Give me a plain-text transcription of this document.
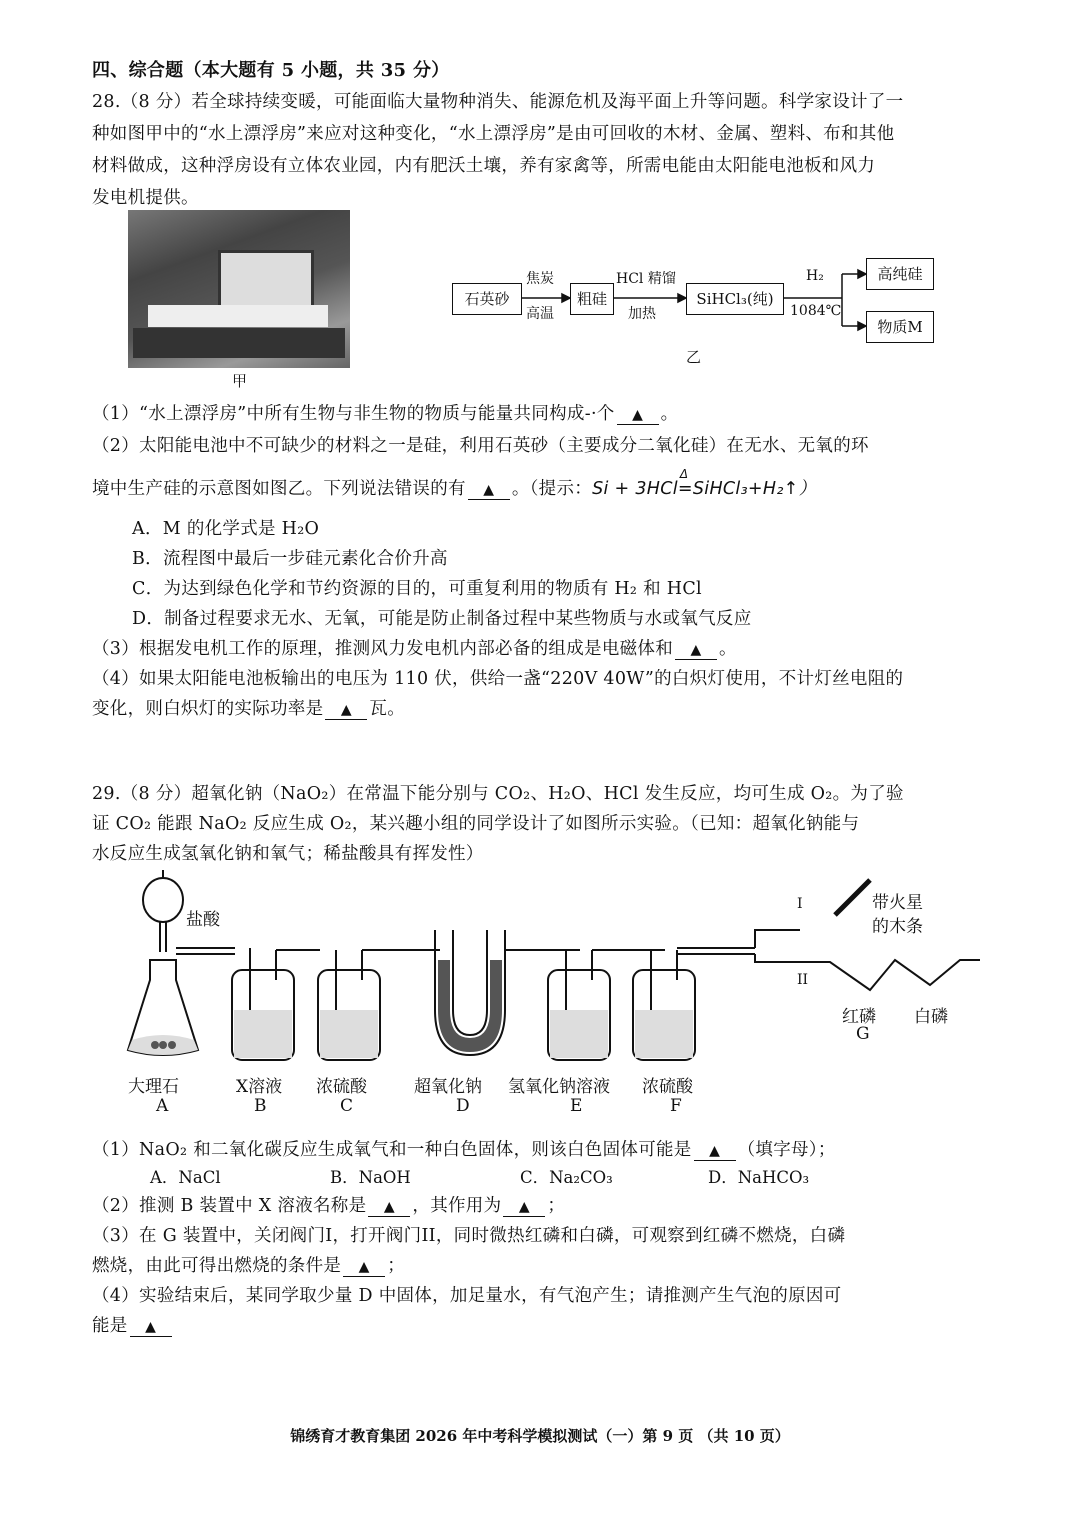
四、综合题（本大题有 5 小题，共 35 分）
28.（8 分）若全球持续变暖，可能面临大量物种消失、能源危机及海平面上升等问题。科学家设计了一
种如图甲中的“水上漂浮房”来应对这种变化，“水上漂浮房”是由可回收的木材、金属、塑料、布和其他
材料做成，这种浮房设有立体农业园，内有肥沃土壤，养有家禽等，所需电能由太阳能电池板和风力
发电机提供。
甲
石英砂
焦炭
高温
粗硅
HCl 精馏
加热
SiHCl₃(纯)
H₂
1084℃
高纯硅
物质M
乙
（1）“水上漂浮房”中所有生物与非生物的物质与能量共同构成-·个 ▲ 。
（2）太阳能电池中不可缺少的材料之一是硅，利用石英砂（主要成分二氧化硅）在无水、无氧的环
境中生产硅的示意图如图乙。下列说法错误的有 ▲ 。（提示：Si + 3HCl
Δ
=SiHCl₃+H₂↑）
A．M 的化学式是 H₂O
B．流程图中最后一步硅元素化合价升高
C．为达到绿色化学和节约资源的目的，可重复利用的物质有 H₂ 和 HCl
D．制备过程要求无水、无氧，可能是防止制备过程中某些物质与水或氧气反应
（3）根据发电机工作的原理，推测风力发电机内部必备的组成是电磁体和 ▲ 。
（4）如果太阳能电池板输出的电压为 110 伏，供给一盏“220V 40W”的白炽灯使用，不计灯丝电阻的
变化，则白炽灯的实际功率是 ▲ 瓦。
29.（8 分）超氧化钠（NaO₂）在常温下能分别与 CO₂、H₂O、HCl 发生反应，均可生成 O₂。为了验
证 CO₂ 能跟 NaO₂ 反应生成 O₂，某兴趣小组的同学设计了如图所示实验。（已知：超氧化钠能与
水反应生成氢氧化钠和氧气；稀盐酸具有挥发性）
盐酸
带火星
的木条
I
II
红磷 白磷
G
大理石	X溶液 浓硫酸	超氧化钠 氢氧化钠溶液 浓硫酸
A	B	C	D	E	F
（1）NaO₂ 和二氧化碳反应生成氧气和一种白色固体，则该白色固体可能是 ▲ （填字母）；
A．NaCl	B．NaOH	C．Na₂CO₃	D．NaHCO₃
（2）推测 B 装置中 X 溶液名称是 ▲ ，其作用为 ▲ ；
（3）在 G 装置中，关闭阀门I，打开阀门II，同时微热红磷和白磷，可观察到红磷不燃烧，白磷
燃烧，由此可得出燃烧的条件是 ▲ ；
（4）实验结束后，某同学取少量 D 中固体，加足量水，有气泡产生；请推测产生气泡的原因可
能是 ▲
锦绣育才教育集团 2026 年中考科学模拟测试（一）第 9 页 （共 10 页）
